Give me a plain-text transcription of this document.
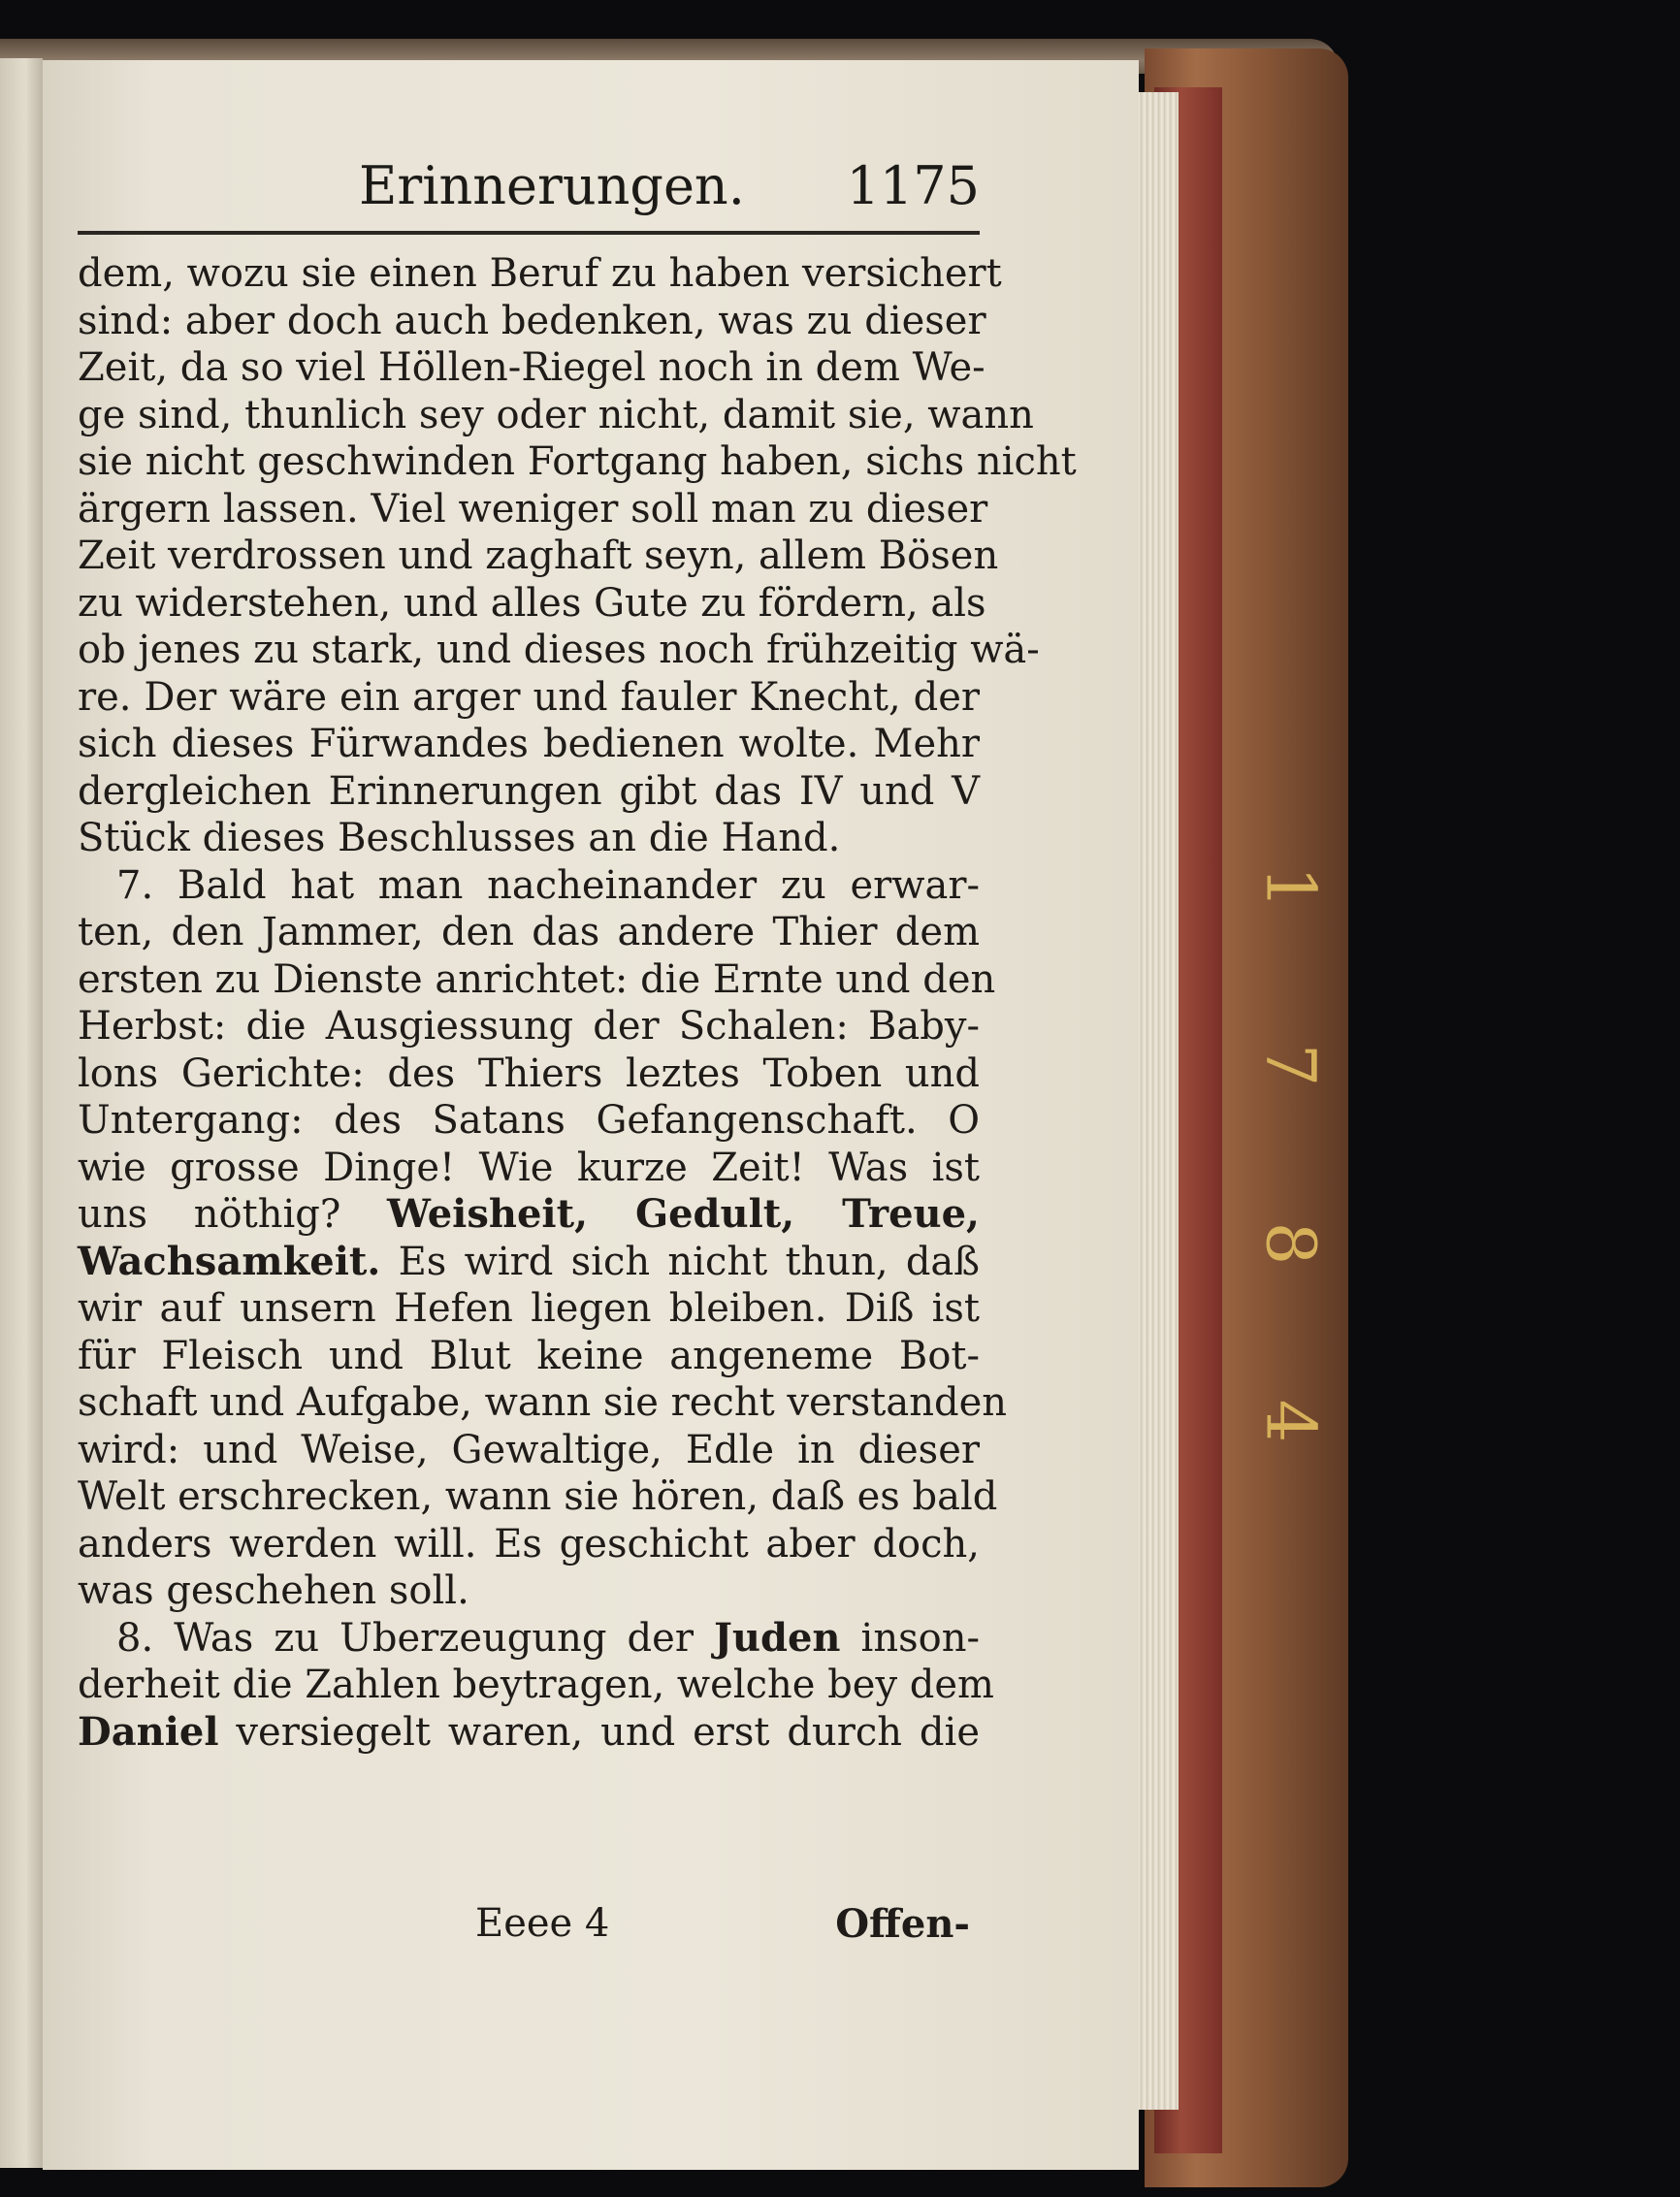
1
7
8
4
Erinnerungen. 1175
dem, wozu sie einen Beruf zu haben versichert
sind: aber doch auch bedenken, was zu dieser
Zeit, da so viel Höllen-Riegel noch in dem We-
ge sind, thunlich sey oder nicht, damit sie, wann
sie nicht geschwinden Fortgang haben, sichs nicht
ärgern lassen. Viel weniger soll man zu dieser
Zeit verdrossen und zaghaft seyn, allem Bösen
zu widerstehen, und alles Gute zu fördern, als
ob jenes zu stark, und dieses noch frühzeitig wä-
re. Der wäre ein arger und fauler Knecht, der
sich dieses Fürwandes bedienen wolte. Mehr
dergleichen Erinnerungen gibt das IV und V
Stück dieses Beschlusses an die Hand.
7. Bald hat man nacheinander zu erwar-
ten, den Jammer, den das andere Thier dem
ersten zu Dienste anrichtet: die Ernte und den
Herbst: die Ausgiessung der Schalen: Baby-
lons Gerichte: des Thiers leztes Toben und
Untergang: des Satans Gefangenschaft. O
wie grosse Dinge! Wie kurze Zeit! Was ist
uns nöthig? Weisheit, Gedult, Treue,
Wachsamkeit. Es wird sich nicht thun, daß
wir auf unsern Hefen liegen bleiben. Diß ist
für Fleisch und Blut keine angeneme Bot-
schaft und Aufgabe, wann sie recht verstanden
wird: und Weise, Gewaltige, Edle in dieser
Welt erschrecken, wann sie hören, daß es bald
anders werden will. Es geschicht aber doch,
was geschehen soll.
8. Was zu Uberzeugung der Juden inson-
derheit die Zahlen beytragen, welche bey dem
Daniel versiegelt waren, und erst durch die
Eeee 4	Offen-
